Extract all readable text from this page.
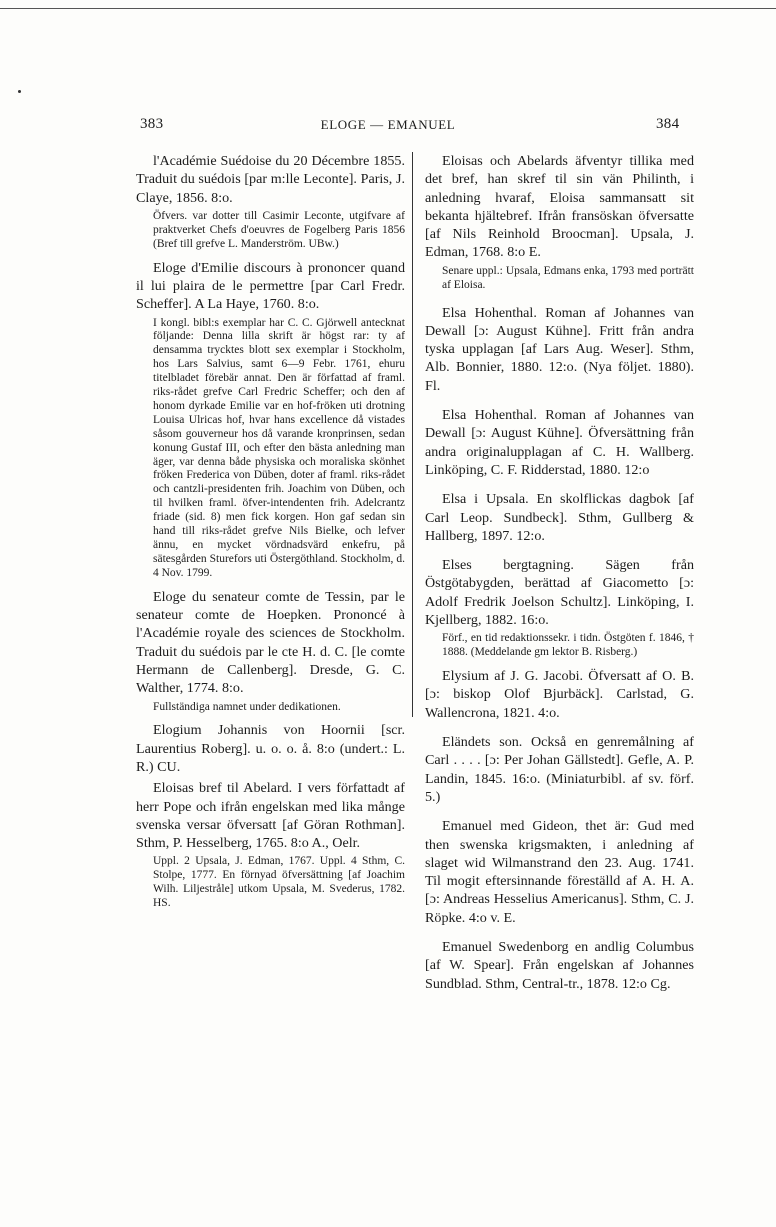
383	ELOGE — EMANUEL	384

l'Académie Suédoise du 20 Décembre 1855. Traduit du suédois [par m:lle Leconte]. Paris, J. Claye, 1856. 8:o.

Öfvers. var dotter till Casimir Leconte, utgifvare af praktverket Chefs d'oeuvres de Fogelberg Paris 1856 (Bref till grefve L. Manderström. UBw.)

Eloge d'Emilie discours à prononcer quand il lui plaira de le permettre [par Carl Fredr. Scheffer]. A La Haye, 1760. 8:o.

I kongl. bibl:s exemplar har C. C. Gjörwell antecknat följande: Denna lilla skrift är högst rar: ty af densamma trycktes blott sex exemplar i Stockholm, hos Lars Salvius, samt 6—9 Febr. 1761, ehuru titelbladet förebär annat. Den är författad af framl. riks-rådet grefve Carl Fredric Scheffer; och den af honom dyrkade Emilie var en hof-fröken uti drotning Louisa Ulricas hof, hvar hans excellence då vistades såsom gouverneur hos då varande kronprinsen, sedan konung Gustaf III, och efter den bästa anledning man äger, var denna både physiska och moraliska skönhet fröken Frederica von Düben, doter af framl. riks-rådet och cantzli-presidenten frih. Joachim von Düben, och til hvilken framl. öfver-intendenten frih. Adelcrantz friade (sid. 8) men fick korgen. Hon gaf sedan sin hand till riks-rådet grefve Nils Bielke, och lefver ännu, en mycket vördnadsvärd enkefru, på sätesgården Sturefors uti Östergöthland. Stockholm, d. 4 Nov. 1799.

Eloge du senateur comte de Tessin, par le senateur comte de Hoepken. Prononcé à l'Académie royale des sciences de Stockholm. Traduit du suédois par le cte H. d. C. [le comte Hermann de Callenberg]. Dresde, G. C. Walther, 1774. 8:o.

Fullständiga namnet under dedikationen.

Elogium Johannis von Hoornii [scr. Laurentius Roberg]. u. o. o. å. 8:o (undert.: L. R.) CU.

Eloisas bref til Abelard. I vers författadt af herr Pope och ifrån engelskan med lika månge svenska versar öfversatt [af Göran Rothman]. Sthm, P. Hesselberg, 1765. 8:o A., Oelr.

Uppl. 2 Upsala, J. Edman, 1767. Uppl. 4 Sthm, C. Stolpe, 1777. En förnyad öfversättning [af Joachim Wilh. Liljestråle] utkom Upsala, M. Svederus, 1782. HS.

Eloisas och Abelards äfventyr tillika med det bref, han skref til sin vän Philinth, i anledning hvaraf, Eloisa sammansatt sit bekanta hjältebref. Ifrån fransöskan öfversatte [af Nils Reinhold Broocman]. Upsala, J. Edman, 1768. 8:o E.

Senare uppl.: Upsala, Edmans enka, 1793 med porträtt af Eloisa.

Elsa Hohenthal. Roman af Johannes van Dewall [ɔ: August Kühne]. Fritt från andra tyska upplagan [af Lars Aug. Weser]. Sthm, Alb. Bonnier, 1880. 12:o. (Nya följet. 1880). Fl.

Elsa Hohenthal. Roman af Johannes van Dewall [ɔ: August Kühne]. Öfversättning från andra originalupplagan af C. H. Wallberg. Linköping, C. F. Ridderstad, 1880. 12:o

Elsa i Upsala. En skolflickas dagbok [af Carl Leop. Sundbeck]. Sthm, Gullberg & Hallberg, 1897. 12:o.

Elses bergtagning. Sägen från Östgötabygden, berättad af Giacometto [ɔ: Adolf Fredrik Joelson Schultz]. Linköping, I. Kjellberg, 1882. 16:o.

Förf., en tid redaktionssekr. i tidn. Östgöten f. 1846, † 1888. (Meddelande gm lektor B. Risberg.)

Elysium af J. G. Jacobi. Öfversatt af O. B. [ɔ: biskop Olof Bjurbäck]. Carlstad, G. Wallencrona, 1821. 4:o.

Eländets son. Också en genremålning af Carl . . . . [ɔ: Per Johan Gällstedt]. Gefle, A. P. Landin, 1845. 16:o. (Miniaturbibl. af sv. förf. 5.)

Emanuel med Gideon, thet är: Gud med then swenska krigsmakten, i anledning af slaget wid Wilmanstrand den 23. Aug. 1741. Til mogit eftersinnande föreställd af A. H. A. [ɔ: Andreas Hesselius Americanus]. Sthm, C. J. Röpke. 4:o v. E.

Emanuel Swedenborg en andlig Columbus [af W. Spear]. Från engelskan af Johannes Sundblad. Sthm, Central-tr., 1878. 12:o Cg.
